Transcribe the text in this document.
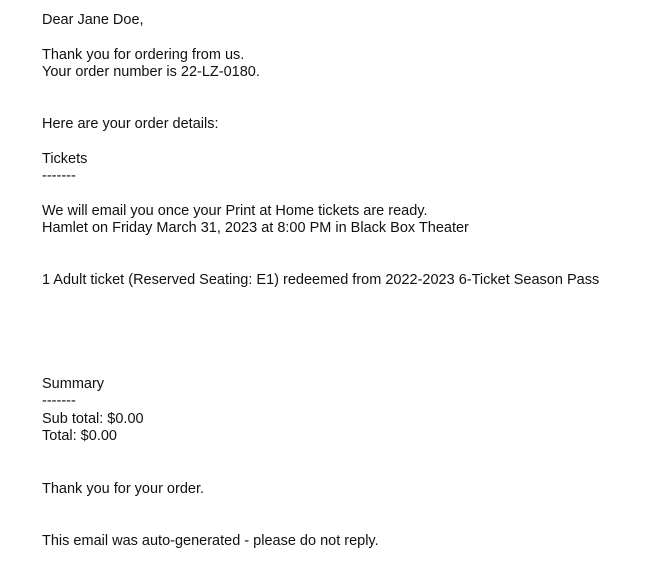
Dear Jane Doe,
Thank you for ordering from us.
Your order number is 22-LZ-0180.
Here are your order details:
Tickets
-------
We will email you once your Print at Home tickets are ready.
Hamlet on Friday March 31, 2023 at 8:00 PM in Black Box Theater
1 Adult ticket (Reserved Seating: E1) redeemed from 2022-2023 6-Ticket Season Pass
Summary
-------
Sub total: $0.00
Total: $0.00
Thank you for your order.
This email was auto-generated - please do not reply.
